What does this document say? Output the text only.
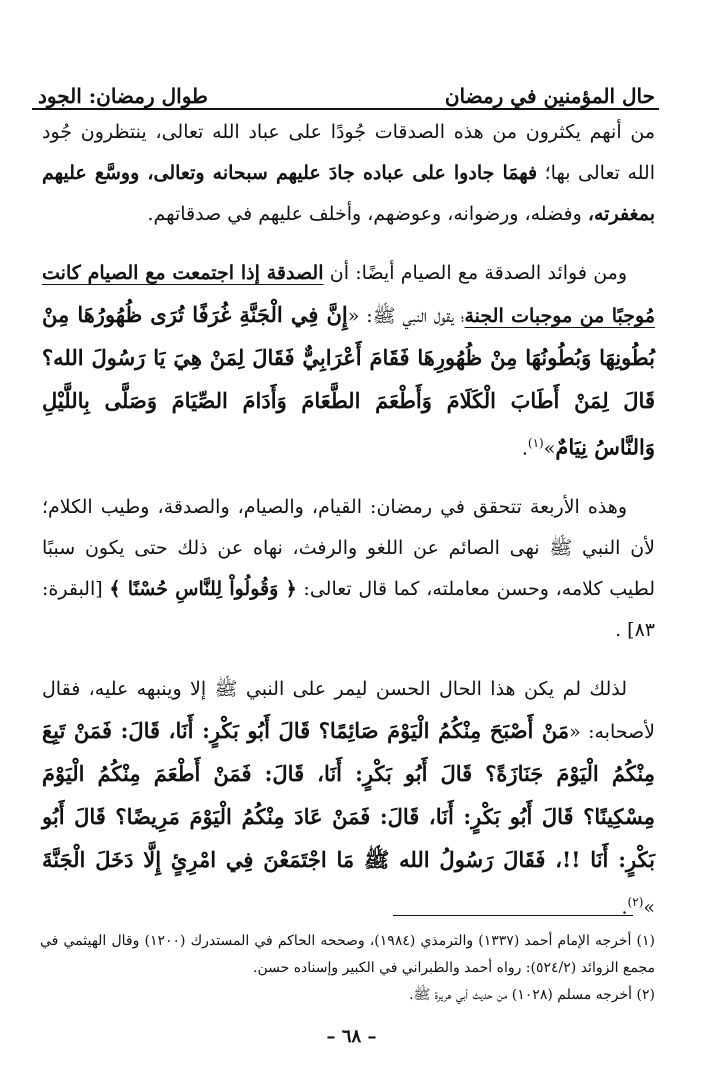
حال المؤمنين في رمضان
طوال رمضان: الجود

من أنهم يكثرون من هذه الصدقات جُودًا على عباد الله تعالى، ينتظرون جُود الله تعالى بها؛ فهمَا جادوا على عباده جادَ عليهم سبحانه وتعالى، ووسَّع عليهم بمغفرته، وفضله، ورضوانه، وعوضهم، وأخلف عليهم في صدقاتهم.

ومن فوائد الصدقة مع الصيام أيضًا: أن الصدقة إذا اجتمعت مع الصيام كانت مُوجبًا من موجبات الجنة؛ يقول النبي ﷺ: «إِنَّ فِي الْجَنَّةِ غُرَفًا تُرَى ظُهُورُهَا مِنْ بُطُونِهَا وَبُطُونُهَا مِنْ ظُهُورِهَا فَقَامَ أَعْرَابِيٌّ فَقَالَ لِمَنْ هِيَ يَا رَسُولَ الله؟ قَالَ لِمَنْ أَطَابَ الْكَلَامَ وَأَطْعَمَ الطَّعَامَ وَأَدَامَ الصِّيَامَ وَصَلَّى بِاللَّيْلِ وَالنَّاسُ نِيَامٌ»$^{(١)}$.

وهذه الأربعة تتحقق في رمضان: القيام، والصيام، والصدقة، وطيب الكلام؛ لأن النبي ﷺ نهى الصائم عن اللغو والرفث، نهاه عن ذلك حتى يكون سببًا لطيب كلامه، وحسن معاملته، كما قال تعالى: ﴿ وَقُولُواْ لِلنَّاسِ حُسْنًا ﴾ [البقرة: ٨٣] .

لذلك لم يكن هذا الحال الحسن ليمر على النبي ﷺ إلا وينبهه عليه، فقال لأصحابه: «مَنْ أَصْبَحَ مِنْكُمُ الْيَوْمَ صَائِمًا؟ قَالَ أَبُو بَكْرٍ: أَنَا، قَالَ: فَمَنْ تَبِعَ مِنْكُمُ الْيَوْمَ جَنَازَةً؟ قَالَ أَبُو بَكْرٍ: أَنَا، قَالَ: فَمَنْ أَطْعَمَ مِنْكُمُ الْيَوْمَ مِسْكِينًا؟ قَالَ أَبُو بَكْرٍ: أَنَا، قَالَ: فَمَنْ عَادَ مِنْكُمُ الْيَوْمَ مَرِيضًا؟ قَالَ أَبُو بَكْرٍ: أَنَا !!، فَقَالَ رَسُولُ الله ﷺ مَا اجْتَمَعْنَ فِي امْرِئٍ إِلَّا دَخَلَ الْجَنَّةَ »$^{(٢)}$.

(١) أخرجه الإمام أحمد (١٣٣٧) والترمذي (١٩٨٤)، وصححه الحاكم في المستدرك (١٢٠٠) وقال الهيثمي في مجمع الزوائد (٥٢٤/٢): رواه أحمد والطبراني في الكبير وإسناده حسن.

(٢) أخرجه مسلم (١٠٢٨) من حديث أبي هريرة ﷺ.

– ٦٨ –
